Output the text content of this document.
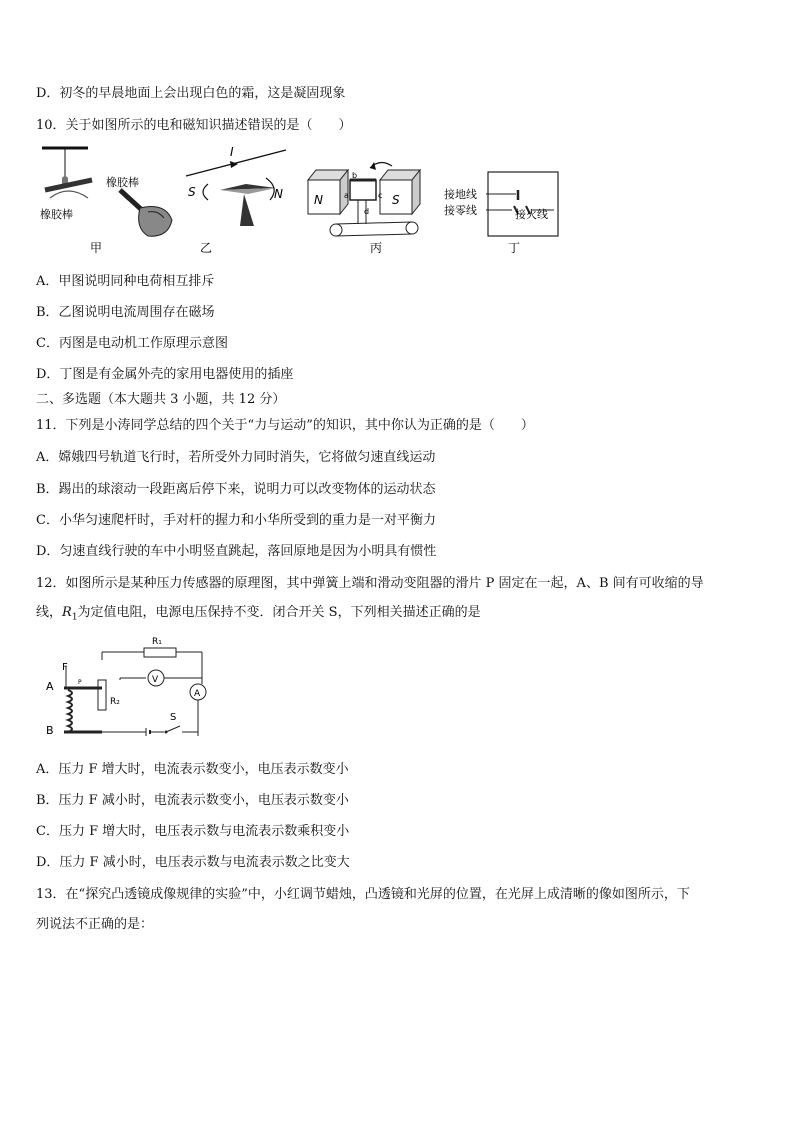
D．初冬的早晨地面上会出现白色的霜，这是凝固现象
10．关于如图所示的电和磁知识描述错误的是（　　）
橡胶棒
橡胶棒
甲
I
S	N
乙
N	S
b
a	c
d
丙
接地线
接零线	接火线
丁
A．甲图说明同种电荷相互排斥
B．乙图说明电流周围存在磁场
C．丙图是电动机工作原理示意图
D．丁图是有金属外壳的家用电器使用的插座
二、多选题（本大题共 3 小题，共 12 分）
11．下列是小涛同学总结的四个关于“力与运动”的知识，其中你认为正确的是（　　）
A．嫦娥四号轨道飞行时，若所受外力同时消失，它将做匀速直线运动
B．踢出的球滚动一段距离后停下来，说明力可以改变物体的运动状态
C．小华匀速爬杆时，手对杆的握力和小华所受到的重力是一对平衡力
D．匀速直线行驶的车中小明竖直跳起，落回原地是因为小明具有惯性
12．如图所示是某种压力传感器的原理图，其中弹簧上端和滑动变阻器的滑片 P 固定在一起，A、B 间有可收缩的导
线，$R_1$为定值电阻，电源电压保持不变．闭合开关 S，下列相关描述正确的是
R₁
V
A
R₂
P
F
A
B
S
A．压力 F 增大时，电流表示数变小，电压表示数变小
B．压力 F 减小时，电流表示数变小，电压表示数变小
C．压力 F 增大时，电压表示数与电流表示数乘积变小
D．压力 F 减小时，电压表示数与电流表示数之比变大
13．在“探究凸透镜成像规律的实验”中，小红调节蜡烛，凸透镜和光屏的位置，在光屏上成清晰的像如图所示，下
列说法不正确的是：
